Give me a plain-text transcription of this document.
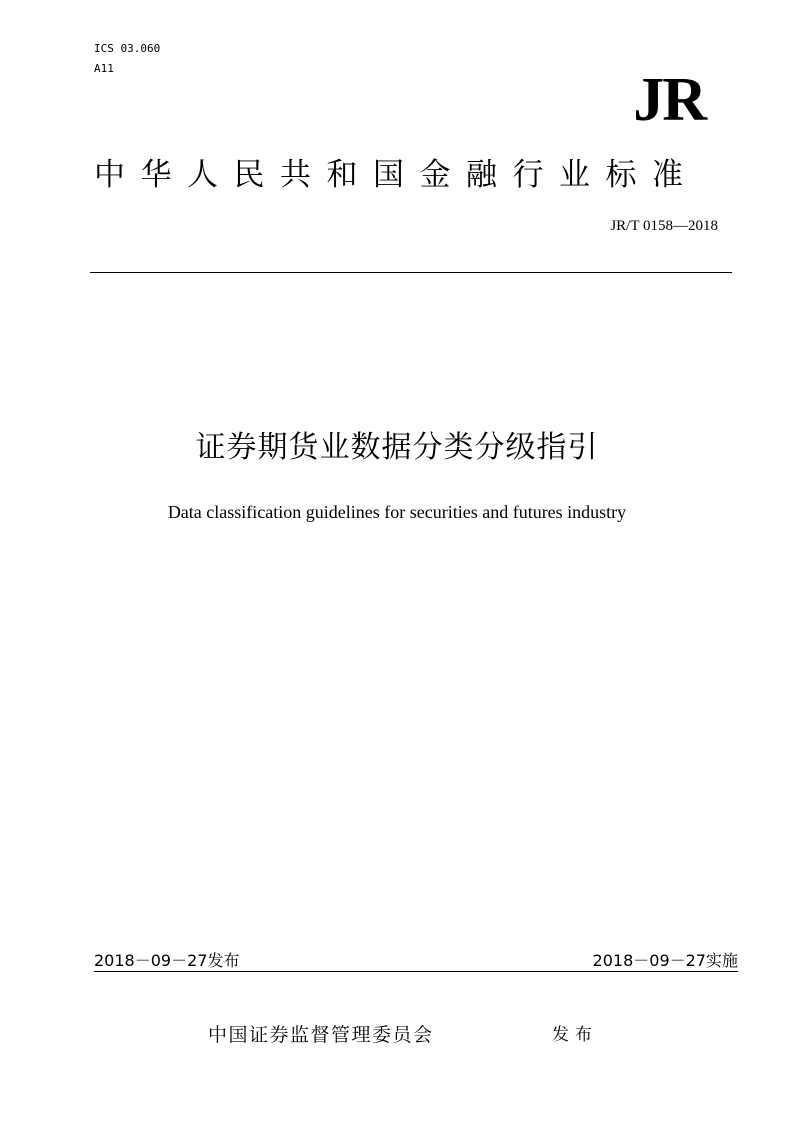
ICS 03.060
A11	JR
中华人民共和国金融行业标准
JR/T 0158—2018
证券期货业数据分类分级指引
Data classification guidelines for securities and futures industry
2018－09－27发布	2018－09－27实施
中国证券监督管理委员会	发布
